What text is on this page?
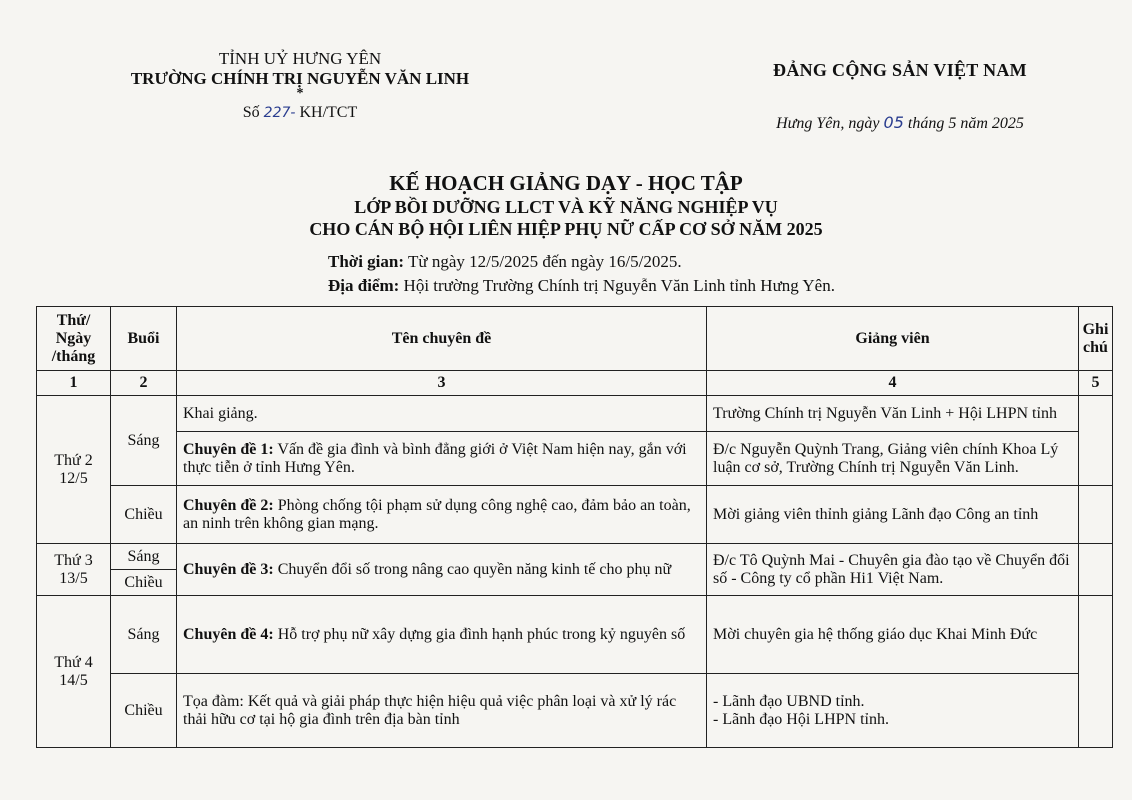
TỈNH UỶ HƯNG YÊN
TRƯỜNG CHÍNH TRỊ NGUYỄN VĂN LINH
*
Số 227- KH/TCT
ĐẢNG CỘNG SẢN VIỆT NAM
Hưng Yên, ngày 05 tháng 5 năm 2025
KẾ HOẠCH GIẢNG DẠY - HỌC TẬP
LỚP BỒI DƯỠNG LLCT VÀ KỸ NĂNG NGHIỆP VỤ
CHO CÁN BỘ HỘI LIÊN HIỆP PHỤ NỮ CẤP CƠ SỞ NĂM 2025
Thời gian: Từ ngày 12/5/2025 đến ngày 16/5/2025.
Địa điểm: Hội trường Trường Chính trị Nguyễn Văn Linh tỉnh Hưng Yên.
Thứ/ Ngày /tháng	Buổi	Tên chuyên đề	Giảng viên	Ghi chú
1	2	3	4	5

Thứ 2
12/5	Sáng	Khai giảng.	Trường Chính trị Nguyễn Văn Linh + Hội LHPN tỉnh	
		Chuyên đề 1: Vấn đề gia đình và bình đẳng giới ở Việt Nam hiện nay, gắn với thực tiễn ở tỉnh Hưng Yên.	Đ/c Nguyễn Quỳnh Trang, Giảng viên chính Khoa Lý luận cơ sở, Trường Chính trị Nguyễn Văn Linh.	
	Chiều	Chuyên đề 2: Phòng chống tội phạm sử dụng công nghệ cao, đảm bảo an toàn, an ninh trên không gian mạng.	Mời giảng viên thỉnh giảng Lãnh đạo Công an tỉnh	

Thứ 3
13/5	Sáng	Chuyên đề 3: Chuyển đổi số trong nâng cao quyền năng kinh tế cho phụ nữ	Đ/c Tô Quỳnh Mai - Chuyên gia đào tạo về Chuyển đổi số - Công ty cổ phần Hi1 Việt Nam.	
	Chiều			

Thứ 4
14/5	Sáng	Chuyên đề 4: Hỗ trợ phụ nữ xây dựng gia đình hạnh phúc trong kỷ nguyên số	Mời chuyên gia hệ thống giáo dục Khai Minh Đức	
	Chiều	Tọa đàm: Kết quả và giải pháp thực hiện hiệu quả việc phân loại và xử lý rác thải hữu cơ tại hộ gia đình trên địa bàn tỉnh	- Lãnh đạo UBND tỉnh.
- Lãnh đạo Hội LHPN tỉnh.	
